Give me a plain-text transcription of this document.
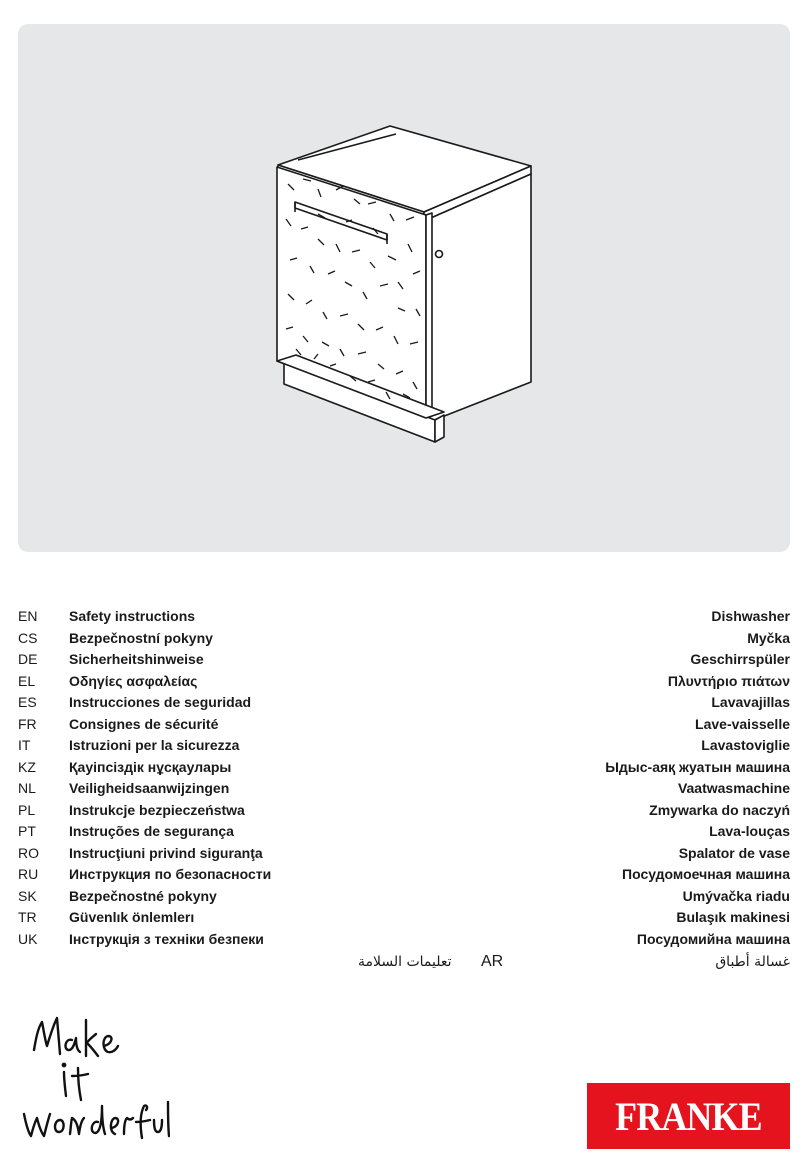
EN	Safety instructions	Dishwasher
CS	Bezpečnostní pokyny	Myčka
DE	Sicherheitshinweise	Geschirrspüler
EL	Οδηγίες ασφαλείας	Πλυντήριο πιάτων
ES	Instrucciones de seguridad	Lavavajillas
FR	Consignes de sécurité	Lave-vaisselle
IT	Istruzioni per la sicurezza	Lavastoviglie
KZ	Қауіпсіздік нұсқаулары	Ыдыс-аяқ жуатын машина
NL	Veiligheidsaanwijzingen	Vaatwasmachine
PL	Instrukcje bezpieczeństwa	Zmywarka do naczyń
PT	Instruções de segurança	Lava-louças
RO	Instrucţiuni privind siguranţa	Spalator de vase
RU	Инструкция по безопасности	Посудомоечная машина
SK	Bezpečnostné pokyny	Umývačka riadu
TR	Güvenlık önlemlerı	Bulaşık makinesi
UK	Інструкція з техніки безпеки	Посудомийна машина
تعليمات السلامة AR	غسالة أطباق
FRANKE
